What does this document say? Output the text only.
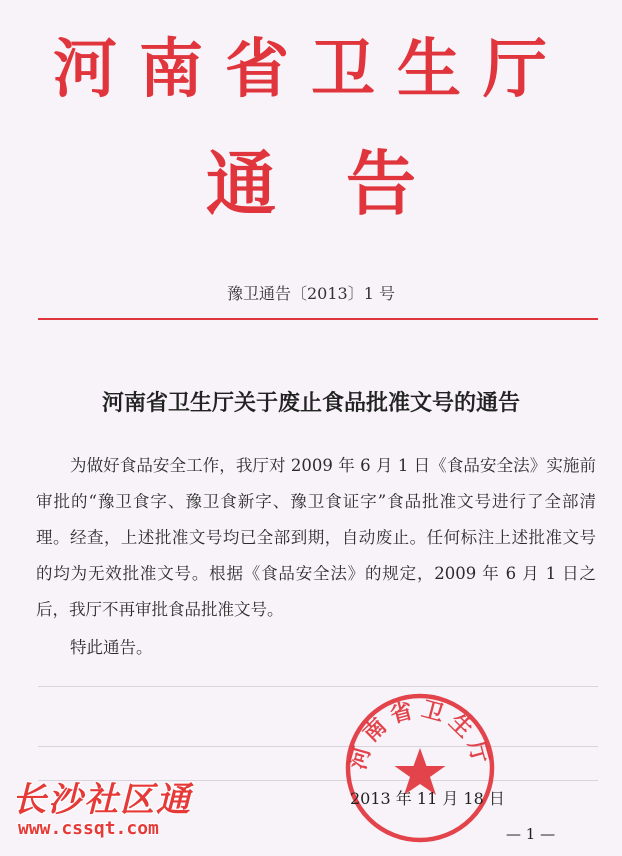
河南省卫生厅
通告
豫卫通告〔2013〕1 号
河南省卫生厅关于废止食品批准文号的通告

为做好食品安全工作，我厅对 2009 年 6 月 1 日《食品安全法》实施前审批的“豫卫食字、豫卫食新字、豫卫食证字”食品批准文号进行了全部清理。经查，上述批准文号均已全部到期，自动废止。任何标注上述批准文号的均为无效批准文号。根据《食品安全法》的规定，2009 年 6 月 1 日之后，我厅不再审批食品批准文号。

特此通告。
河南省卫生厅
2013 年 11 月 18 日
— 1 —
长沙社区通
www.cssqt.com
